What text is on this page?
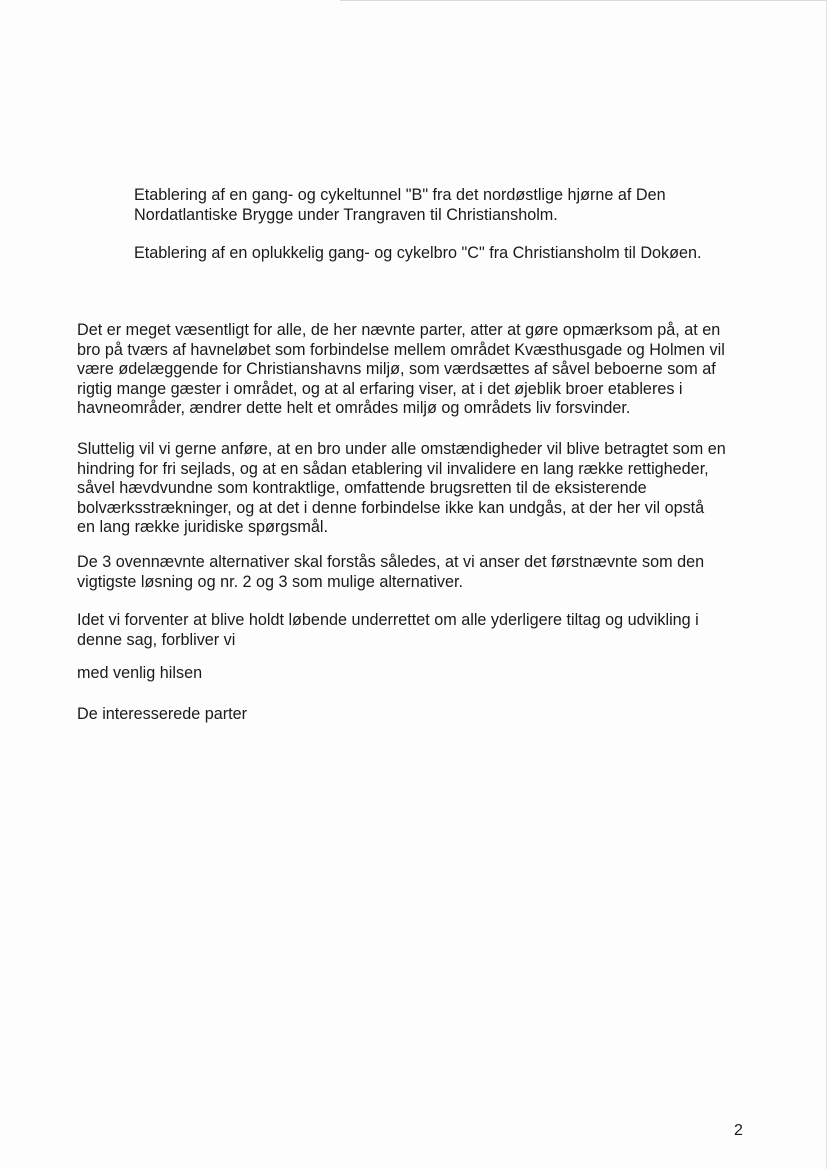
Etablering af en gang- og cykeltunnel "B" fra det nordøstlige hjørne af Den
Nordatlantiske Brygge under Trangraven til Christiansholm.

Etablering af en oplukkelig gang- og cykelbro "C" fra Christiansholm til Dokøen.

Det er meget væsentligt for alle, de her nævnte parter, atter at gøre opmærksom på, at en
bro på tværs af havneløbet som forbindelse mellem området Kvæsthusgade og Holmen vil
være ødelæggende for Christianshavns miljø, som værdsættes af såvel beboerne som af
rigtig mange gæster i området, og at al erfaring viser, at i det øjeblik broer etableres i
havneområder, ændrer dette helt et områdes miljø og områdets liv forsvinder.

Sluttelig vil vi gerne anføre, at en bro under alle omstændigheder vil blive betragtet som en
hindring for fri sejlads, og at en sådan etablering vil invalidere en lang række rettigheder,
såvel hævdvundne som kontraktlige, omfattende brugsretten til de eksisterende
bolværksstrækninger, og at det i denne forbindelse ikke kan undgås, at der her vil opstå
en lang række juridiske spørgsmål.

De 3 ovennævnte alternativer skal forstås således, at vi anser det førstnævnte som den
vigtigste løsning og nr. 2 og 3 som mulige alternativer.

Idet vi forventer at blive holdt løbende underrettet om alle yderligere tiltag og udvikling i
denne sag, forbliver vi

med venlig hilsen

De interesserede parter

2
